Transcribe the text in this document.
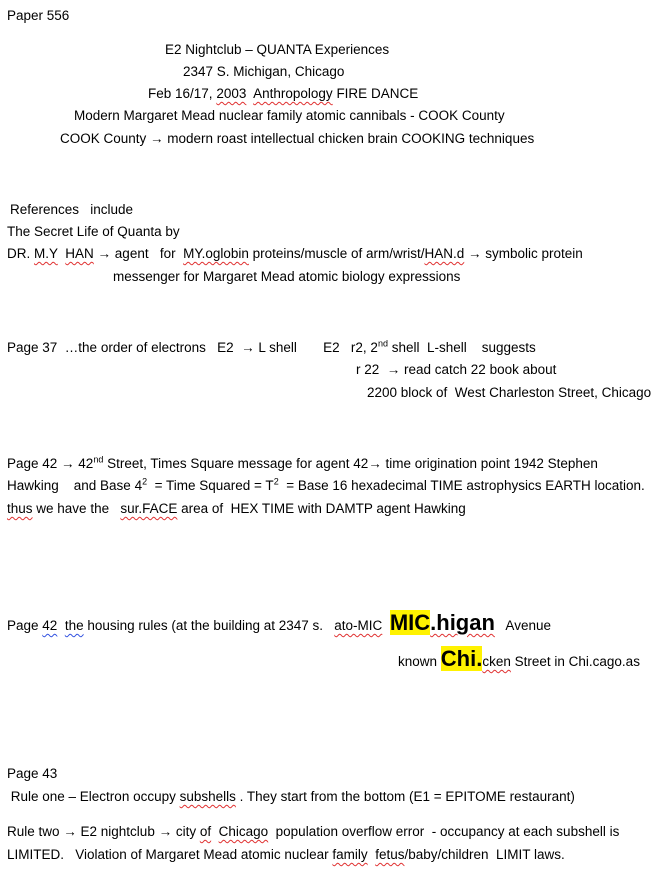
Paper 556
E2 Nightclub – QUANTA Experiences
2347 S. Michigan, Chicago
Feb 16/17, 2003 Anthropology FIRE DANCE
Modern Margaret Mead nuclear family atomic cannibals - COOK County
COOK County → modern roast intellectual chicken brain COOKING techniques
References   include
The Secret Life of Quanta by
DR. M.Y HAN → agent   for  MY.oglobin proteins/muscle of arm/wrist/HAN.d → symbolic protein
messenger for Margaret Mead atomic biology expressions
Page 37  …the order of electrons   E2  → L shell       E2   r2, 2nd shell  L-shell    suggests
r 22  → read catch 22 book about
2200 block of  West Charleston Street, Chicago
Page 42 → 42nd Street, Times Square message for agent 42→ time origination point 1942 Stephen
Hawking    and Base $4^2$  = Time Squared = $T^2$  = Base 16 hexadecimal TIME astrophysics EARTH location.
thus we have the   sur.FACE area of  HEX TIME with DAMTP agent Hawking
Page 42 the housing rules (at the building at 2347 s.   ato-MIC MIC.higan   Avenue
known Chi.cken Street in Chi.cago.as
Page 43
Rule one – Electron occupy subshells . They start from the bottom (E1 = EPITOME restaurant)
Rule two → E2 nightclub → city of Chicago  population overflow error  - occupancy at each subshell is
LIMITED.   Violation of Margaret Mead atomic nuclear family fetus/baby/children  LIMIT laws.
